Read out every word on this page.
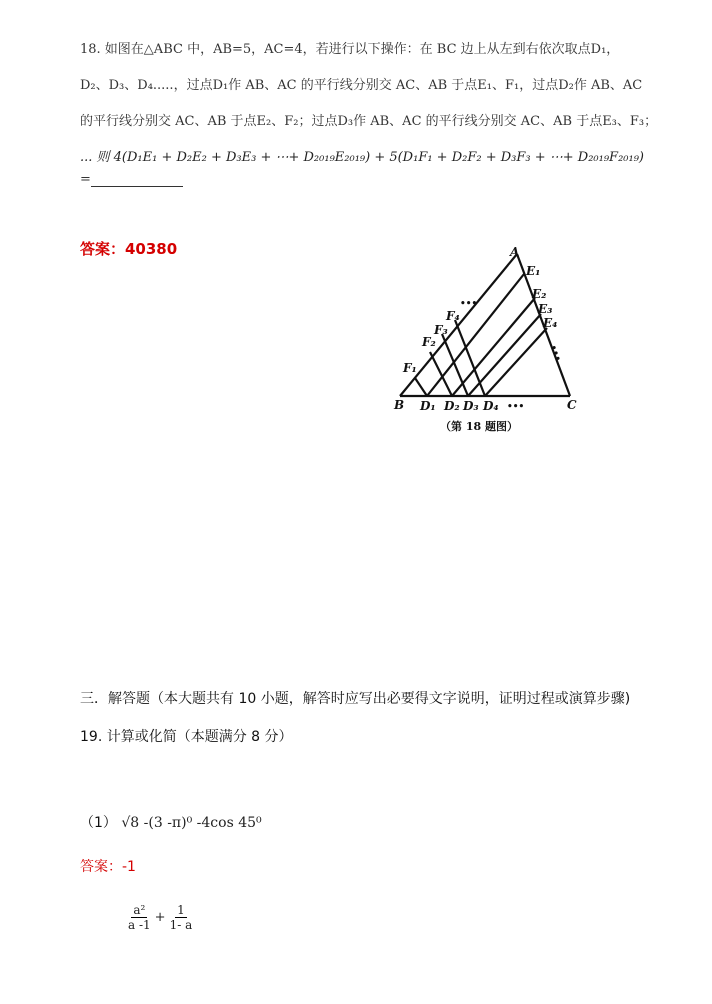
18. 如图在△ABC 中，AB=5，AC=4，若进行以下操作：在 BC 边上从左到右依次取点D₁，
D₂、D₃、D₄.....，过点D₁作 AB、AC 的平行线分别交 AC、AB 于点E₁、F₁，过点D₂作 AB、AC
的平行线分别交 AC、AB 于点E₂、F₂；过点D₃作 AB、AC 的平行线分别交 AC、AB 于点E₃、F₃；
... 则 4(D₁E₁ + D₂E₂ + D₃E₃ + ⋯+ D₂₀₁₉E₂₀₁₉) + 5(D₁F₁ + D₂F₂ + D₃F₃ + ⋯+ D₂₀₁₉F₂₀₁₉)
=
答案：40380	A
B	C
D₁ D₂ D₃ D₄
E₁
E₂
E₃
E₄
F₁
F₂
F₃
F₄
•••
•••
•••
（第 18 题图）
三．解答题（本大题共有 10 小题，解答时应写出必要得文字说明，证明过程或演算步骤)
19. 计算或化简（本题满分 8 分）
（1） √8 -(3 -π)⁰ -4cos 45⁰
答案：-1
$\frac{\text{a²}}{a -1} + \frac{1}{1- a}$
